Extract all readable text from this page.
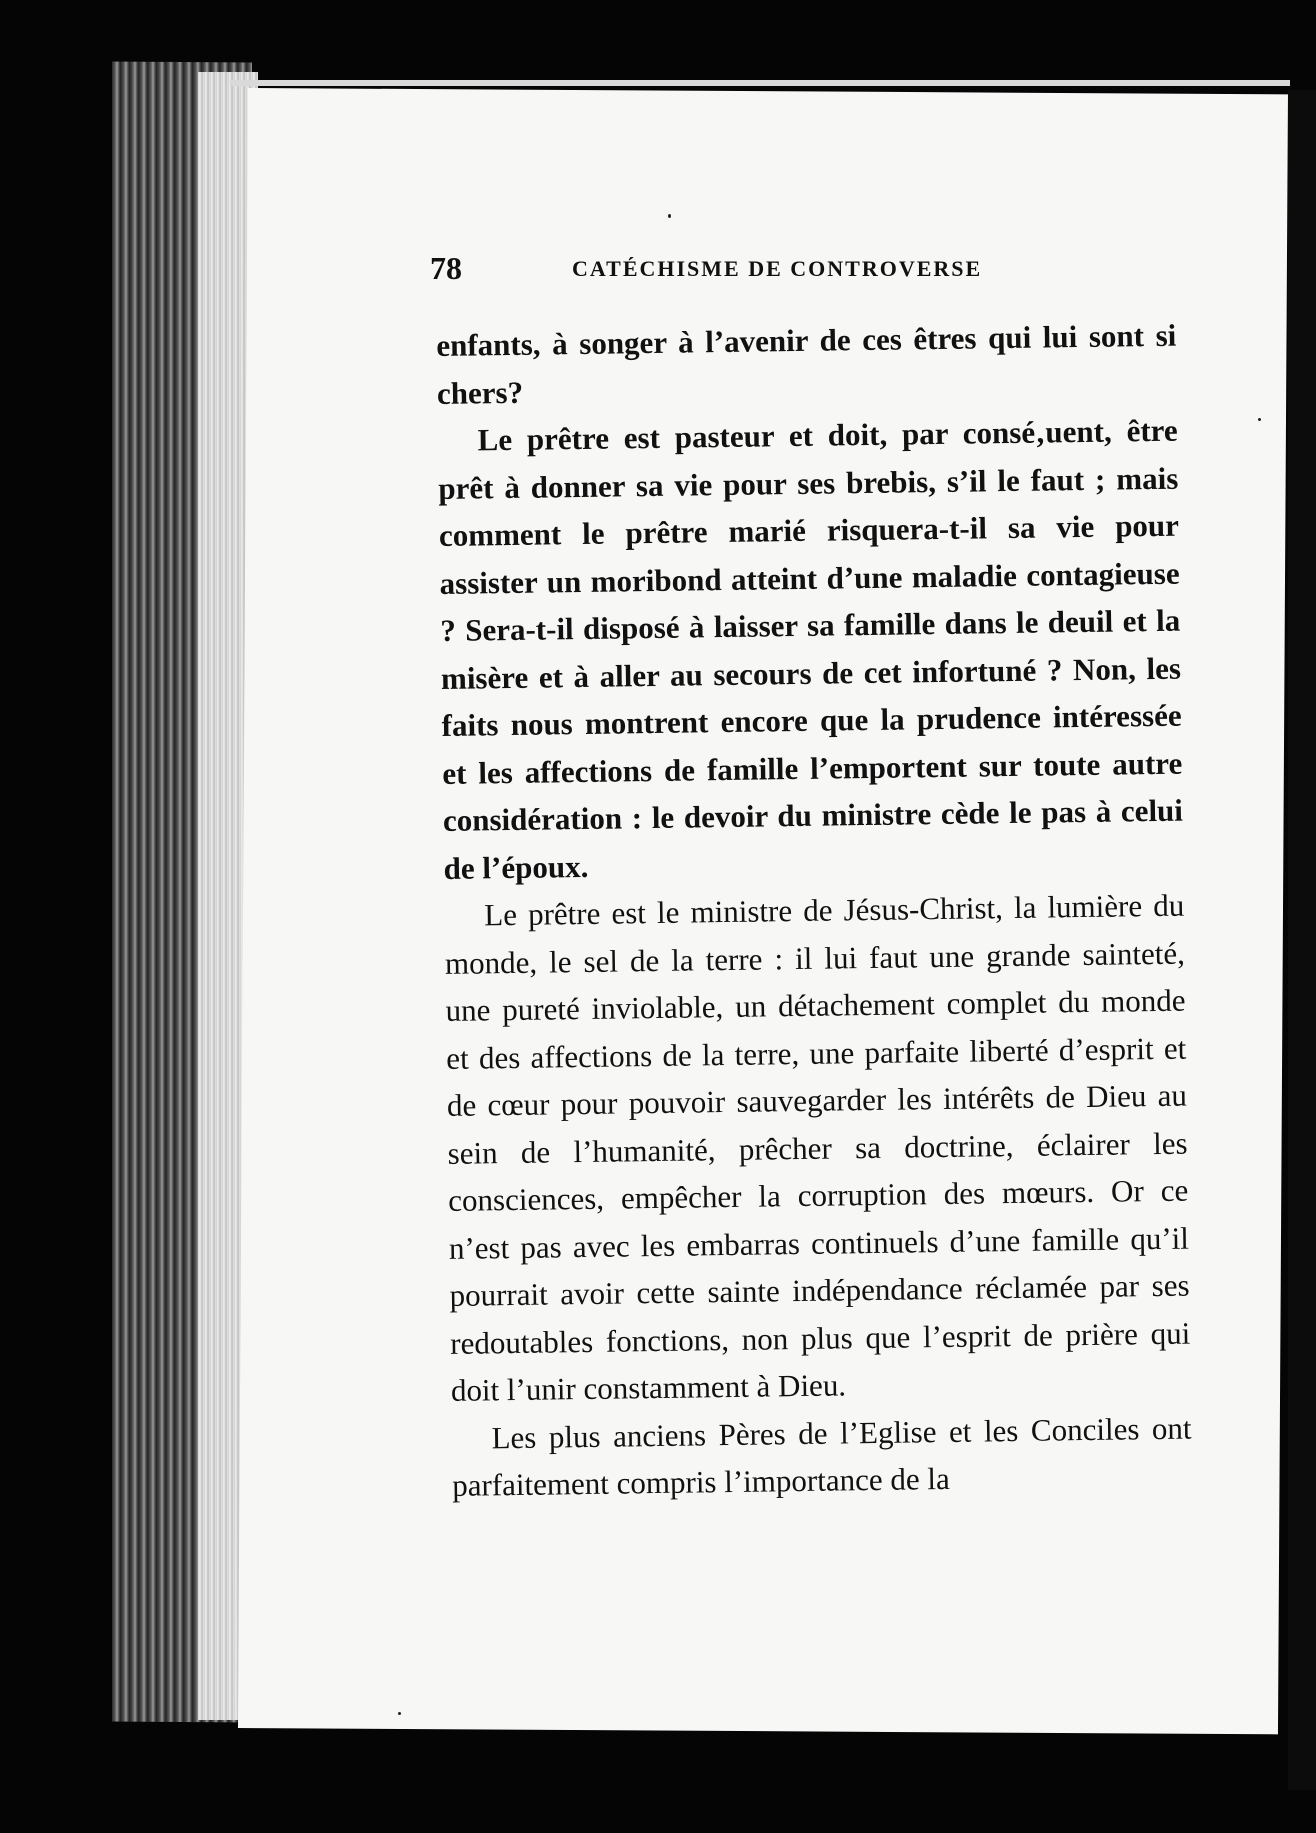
78	CATÉCHISME DE CONTROVERSE

enfants, à songer à l’avenir de ces êtres qui lui sont si chers?

Le prêtre est pasteur et doit, par consé‚uent, être prêt à donner sa vie pour ses brebis, s’il le faut ; mais comment le prêtre marié risquera-t-il sa vie pour assister un moribond atteint d’une maladie contagieuse ? Sera-t-il disposé à laisser sa famille dans le deuil et la misère et à aller au secours de cet infortuné ? Non, les faits nous montrent encore que la prudence intéressée et les affections de famille l’emportent sur toute autre considération : le devoir du ministre cède le pas à celui de l’époux.

Le prêtre est le ministre de Jésus-Christ, la lumière du monde, le sel de la terre : il lui faut une grande sainteté, une pureté inviolable, un détachement complet du monde et des affections de la terre, une parfaite liberté d’esprit et de cœur pour pouvoir sauvegarder les intérêts de Dieu au sein de l’humanité, prêcher sa doctrine, éclairer les consciences, empêcher la corruption des mœurs. Or ce n’est pas avec les embarras continuels d’une famille qu’il pourrait avoir cette sainte indépendance réclamée par ses redoutables fonctions, non plus que l’esprit de prière qui doit l’unir constamment à Dieu.

Les plus anciens Pères de l’Eglise et les Conciles ont parfaitement compris l’importance de la
